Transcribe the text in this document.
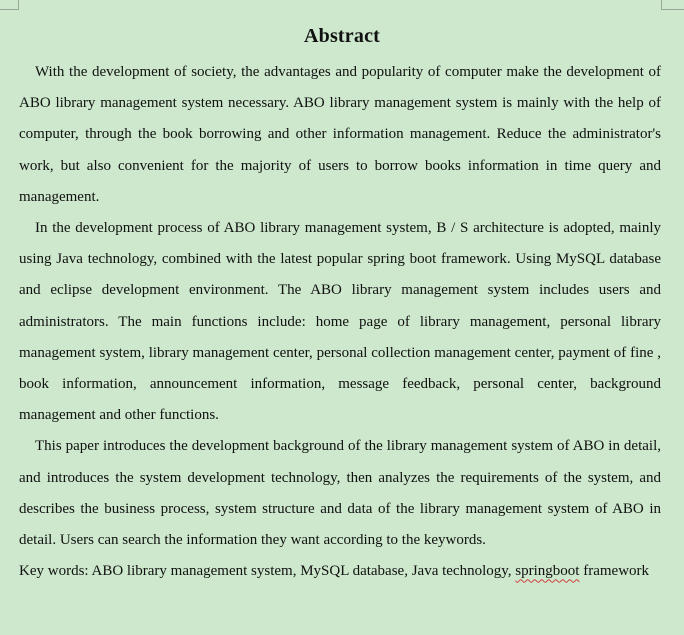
Abstract

With the development of society, the advantages and popularity of computer make the development of ABO library management system necessary. ABO library management system is mainly with the help of computer, through the book borrowing and other information management. Reduce the administrator's work, but also convenient for the majority of users to borrow books information in time query and management.

In the development process of ABO library management system, B / S architecture is adopted, mainly using Java technology, combined with the latest popular spring boot framework. Using MySQL database and eclipse development environment. The ABO library management system includes users and administrators. The main functions include: home page of library management, personal library management system, library management center, personal collection management center, payment of fine , book information, announcement information, message feedback, personal center, background management and other functions.

This paper introduces the development background of the library management system of ABO in detail, and introduces the system development technology, then analyzes the requirements of the system, and describes the business process, system structure and data of the library management system of ABO in detail. Users can search the information they want according to the keywords.

Key words: ABO library management system, MySQL database, Java technology, springboot framework
